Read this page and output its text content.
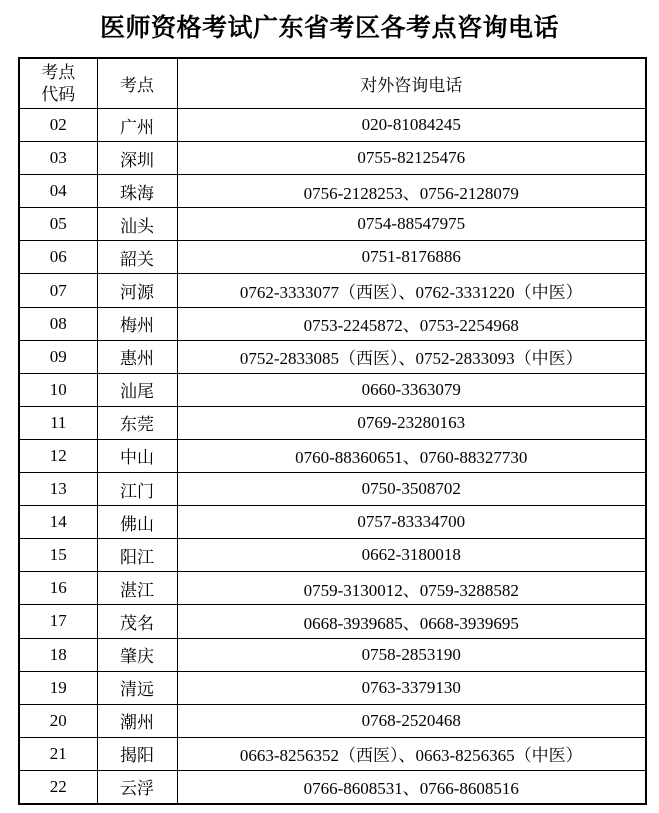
医师资格考试广东省考区各考点咨询电话
考点
代码	考点	对外咨询电话
02	广州	020-81084245
03	深圳	0755-82125476
04	珠海	0756-2128253、0756-2128079
05	汕头	0754-88547975
06	韶关	0751-8176886
07	河源	0762-3333077（西医）、0762-3331220（中医）
08	梅州	0753-2245872、0753-2254968
09	惠州	0752-2833085（西医）、0752-2833093（中医）
10	汕尾	0660-3363079
11	东莞	0769-23280163
12	中山	0760-88360651、0760-88327730
13	江门	0750-3508702
14	佛山	0757-83334700
15	阳江	0662-3180018
16	湛江	0759-3130012、0759-3288582
17	茂名	0668-3939685、0668-3939695
18	肇庆	0758-2853190
19	清远	0763-3379130
20	潮州	0768-2520468
21	揭阳	0663-8256352（西医）、0663-8256365（中医）
22	云浮	0766-8608531、0766-8608516
